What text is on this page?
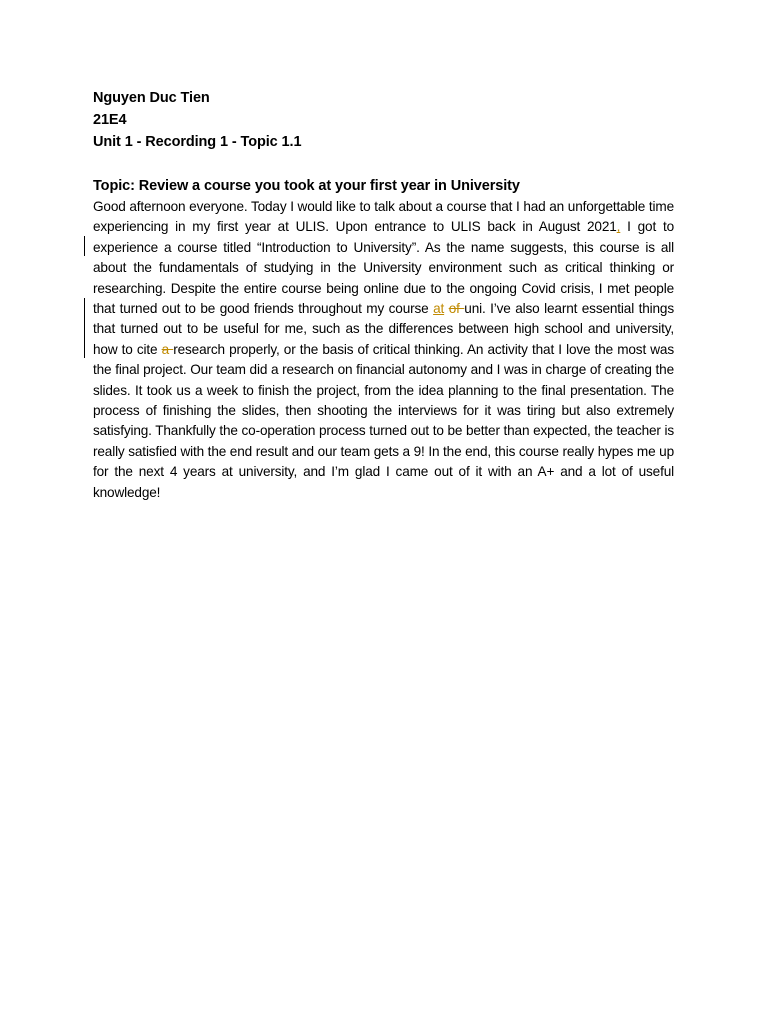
Nguyen Duc Tien
21E4
Unit 1 - Recording 1 - Topic 1.1
Topic: Review a course you took at your first year in University
Good afternoon everyone. Today I would like to talk about a course that I had an unforgettable time experiencing in my first year at ULIS. Upon entrance to ULIS back in August 2021, I got to experience a course titled “Introduction to University”. As the name suggests, this course is all about the fundamentals of studying in the University environment such as critical thinking or researching. Despite the entire course being online due to the ongoing Covid crisis, I met people that turned out to be good friends throughout my course at of uni. I’ve also learnt essential things that turned out to be useful for me, such as the differences between high school and university, how to cite a research properly, or the basis of critical thinking. An activity that I love the most was the final project. Our team did a research on financial autonomy and I was in charge of creating the slides. It took us a week to finish the project, from the idea planning to the final presentation. The process of finishing the slides, then shooting the interviews for it was tiring but also extremely satisfying. Thankfully the co-operation process turned out to be better than expected, the teacher is really satisfied with the end result and our team gets a 9! In the end, this course really hypes me up for the next 4 years at university, and I’m glad I came out of it with an A+ and a lot of useful knowledge!
